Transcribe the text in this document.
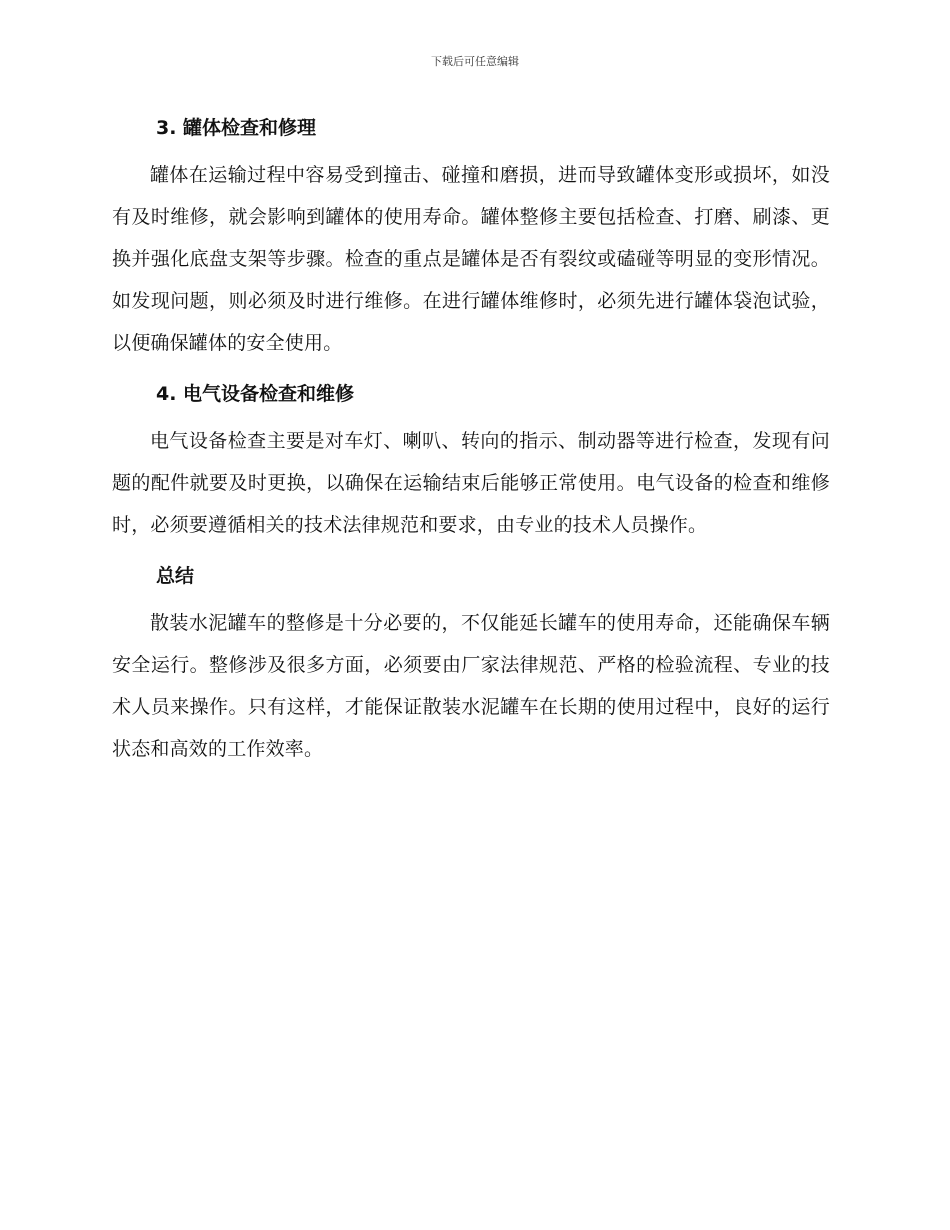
下载后可任意编辑
3. 罐体检查和修理

罐体在运输过程中容易受到撞击、碰撞和磨损，进而导致罐体变形或损坏，如没有及时维修，就会影响到罐体的使用寿命。罐体整修主要包括检查、打磨、刷漆、更换并强化底盘支架等步骤。检查的重点是罐体是否有裂纹或磕碰等明显的变形情况。如发现问题，则必须及时进行维修。在进行罐体维修时，必须先进行罐体袋泡试验，以便确保罐体的安全使用。

4. 电气设备检查和维修

电气设备检查主要是对车灯、喇叭、转向的指示、制动器等进行检查，发现有问题的配件就要及时更换，以确保在运输结束后能够正常使用。电气设备的检查和维修时，必须要遵循相关的技术法律规范和要求，由专业的技术人员操作。

总结

散装水泥罐车的整修是十分必要的，不仅能延长罐车的使用寿命，还能确保车辆安全运行。整修涉及很多方面，必须要由厂家法律规范、严格的检验流程、专业的技术人员来操作。只有这样，才能保证散装水泥罐车在长期的使用过程中，良好的运行状态和高效的工作效率。
